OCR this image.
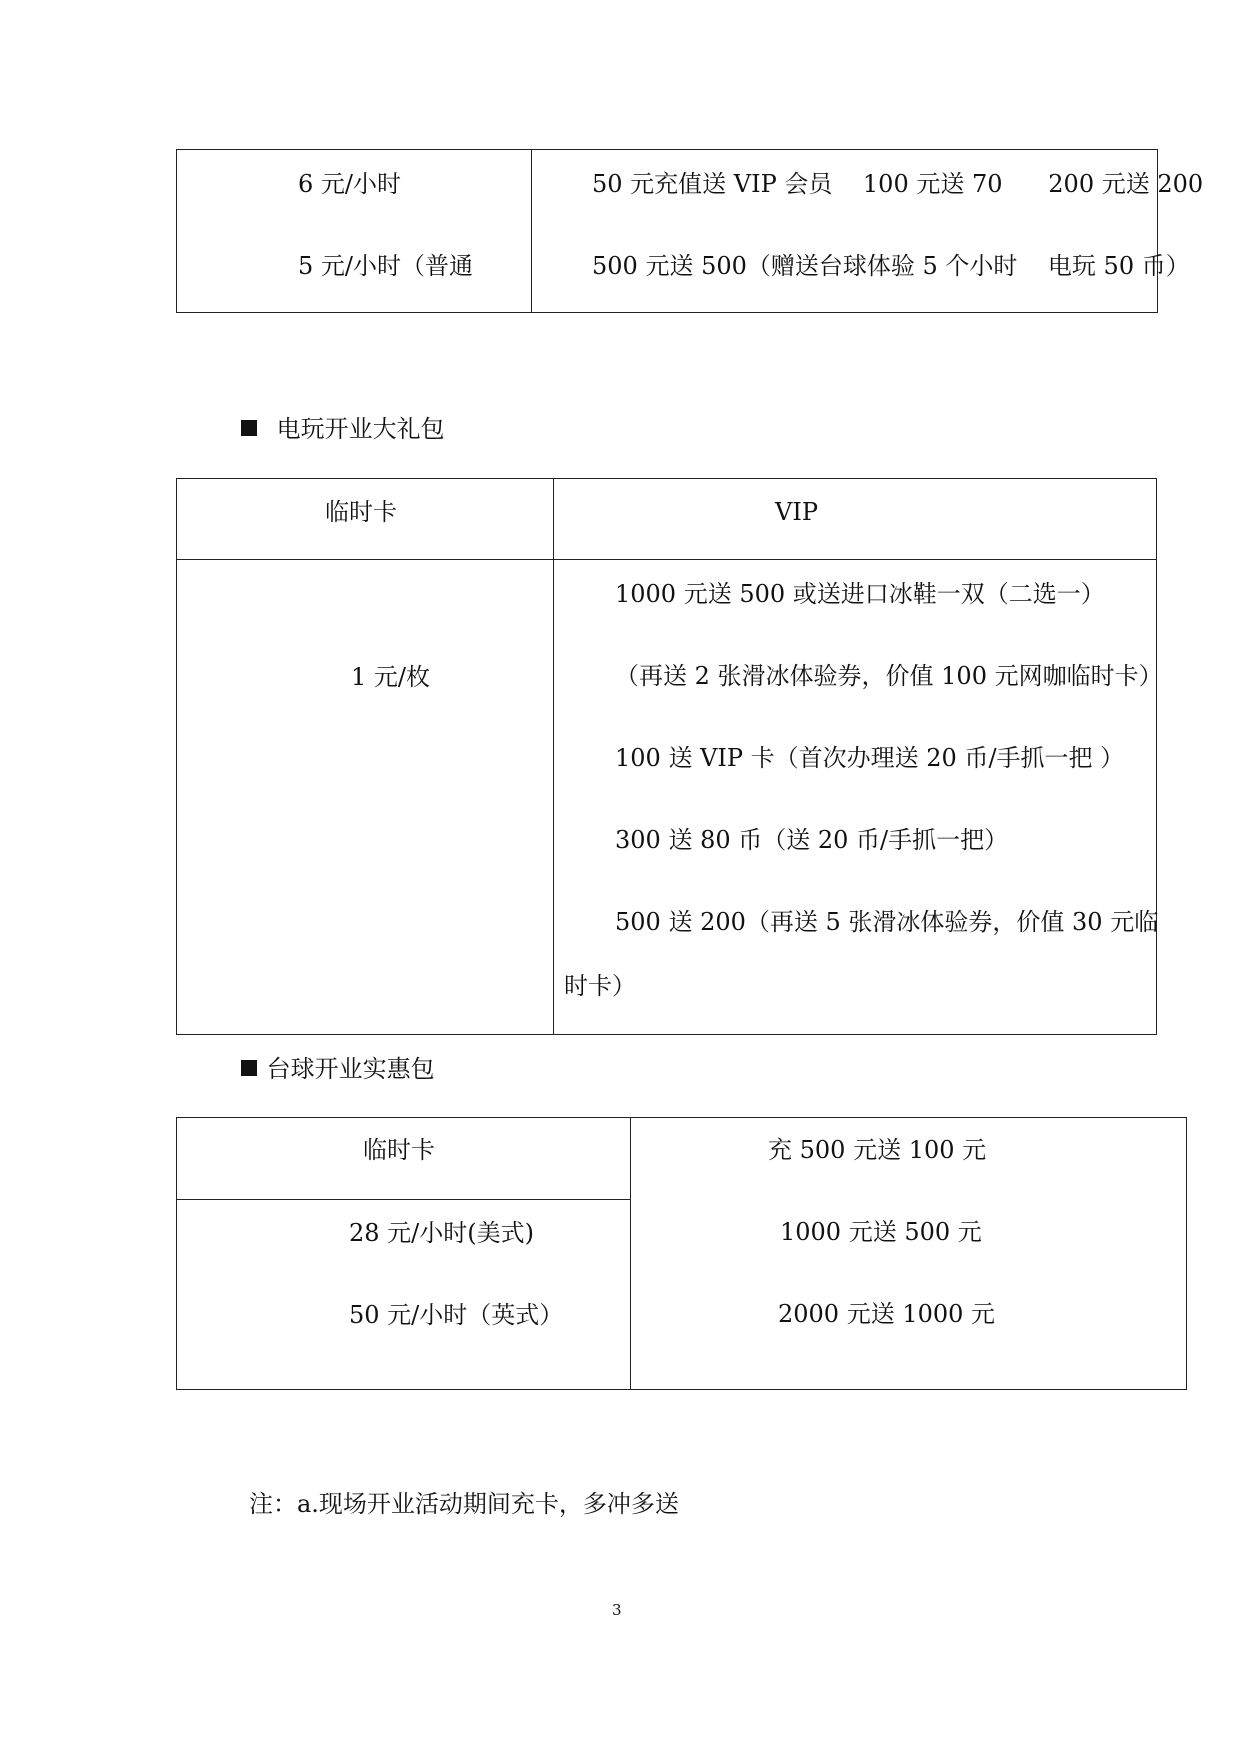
6 元/小时
5 元/小时（普通
50 元充值送 VIP 会员    100 元送 70      200 元送 200
500 元送 500（赠送台球体验 5 个小时    电玩 50 币）
电玩开业大礼包
临时卡	VIP
1 元/枚
1000 元送 500 或送进口冰鞋一双（二选一）
（再送 2 张滑冰体验券，价值 100 元网咖临时卡）
100 送 VIP 卡（首次办理送 20 币/手抓一把 ）
300 送 80 币（送 20 币/手抓一把）
500 送 200（再送 5 张滑冰体验券，价值 30 元临
时卡）
台球开业实惠包
临时卡
28 元/小时(美式)
50 元/小时（英式）
充 500 元送 100 元
1000 元送 500 元
2000 元送 1000 元
注：a.现场开业活动期间充卡，多冲多送
3
